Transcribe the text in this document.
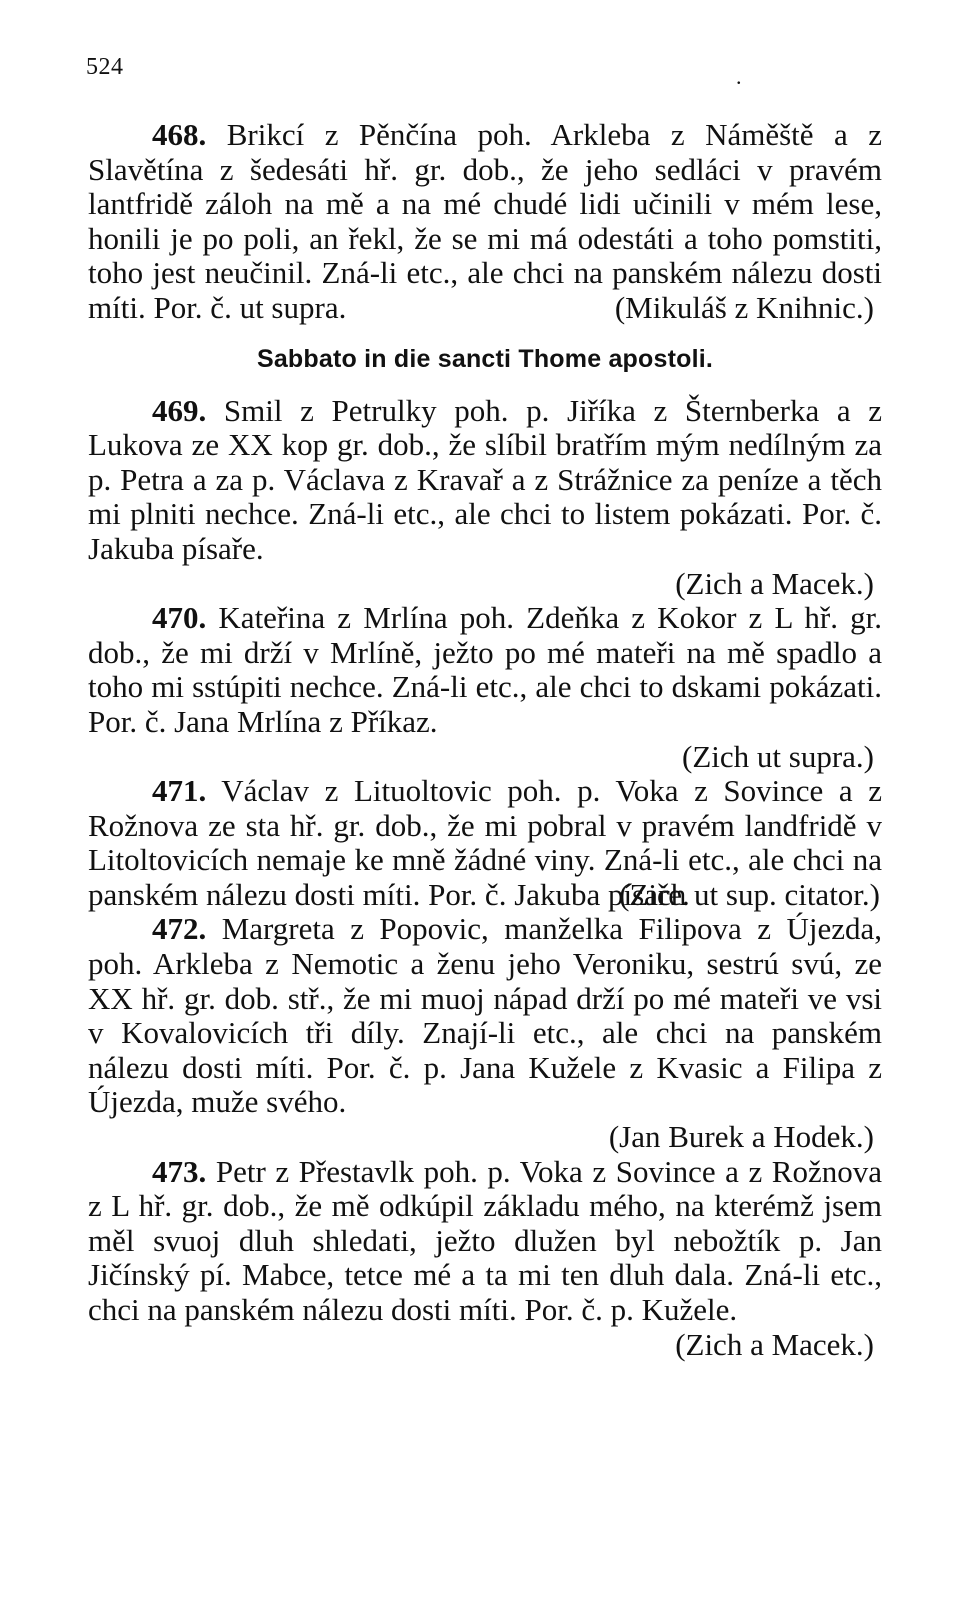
524	.

468. Brikcí z Pěnčína poh. Arkleba z Náměště a z Slavětína z šedesáti hř. gr. dob., že jeho sedláci v pravém lantfridě záloh na mě a na mé chudé lidi učinili v mém lese, honili je po poli, an řekl, že se mi má odestáti a toho pomstiti, toho jest neučinil. Zná-li etc., ale chci na panském nálezu dosti míti. Por. č. ut supra.	(Mikuláš z Knihnic.)

Sabbato in die sancti Thome apostoli.

469. Smil z Petrulky poh. p. Jiříka z Šternberka a z Lukova ze XX kop gr. dob., že slíbil bratřím mým nedílným za p. Petra a za p. Václava z Kravař a z Strážnice za peníze a těch mi plniti nechce. Zná-li etc., ale chci to listem pokázati. Por. č. Jakuba písaře.

(Zich a Macek.)

470. Kateřina z Mrlína poh. Zdeňka z Kokor z L hř. gr. dob., že mi drží v Mrlíně, ježto po mé mateři na mě spadlo a toho mi sstúpiti nechce. Zná-li etc., ale chci to dskami pokázati. Por. č. Jana Mrlína z Příkaz.

(Zich ut supra.)

471. Václav z Lituoltovic poh. p. Voka z Sovince a z Rožnova ze sta hř. gr. dob., že mi pobral v pravém landfridě v Litoltovicích nemaje ke mně žádné viny. Zná-li etc., ale chci na panském nálezu dosti míti. Por. č. Jakuba písaře.

(Zich ut sup. citator.)

472. Margreta z Popovic, manželka Filipova z Újezda, poh. Arkleba z Nemotic a ženu jeho Veroniku, sestrú svú, ze XX hř. gr. dob. stř., že mi muoj nápad drží po mé mateři ve vsi v Kovalovicích tři díly. Znají-li etc., ale chci na panském nálezu dosti míti. Por. č. p. Jana Kužele z Kvasic a Filipa z Újezda, muže svého.

(Jan Burek a Hodek.)

473. Petr z Přestavlk poh. p. Voka z Sovince a z Rožnova z L hř. gr. dob., že mě odkúpil základu mého, na kterémž jsem měl svuoj dluh shledati, ježto dlužen byl nebožtík p. Jan Jičínský pí. Mabce, tetce mé a ta mi ten dluh dala. Zná-li etc., chci na panském nálezu dosti míti. Por. č. p. Kužele.

(Zich a Macek.)
